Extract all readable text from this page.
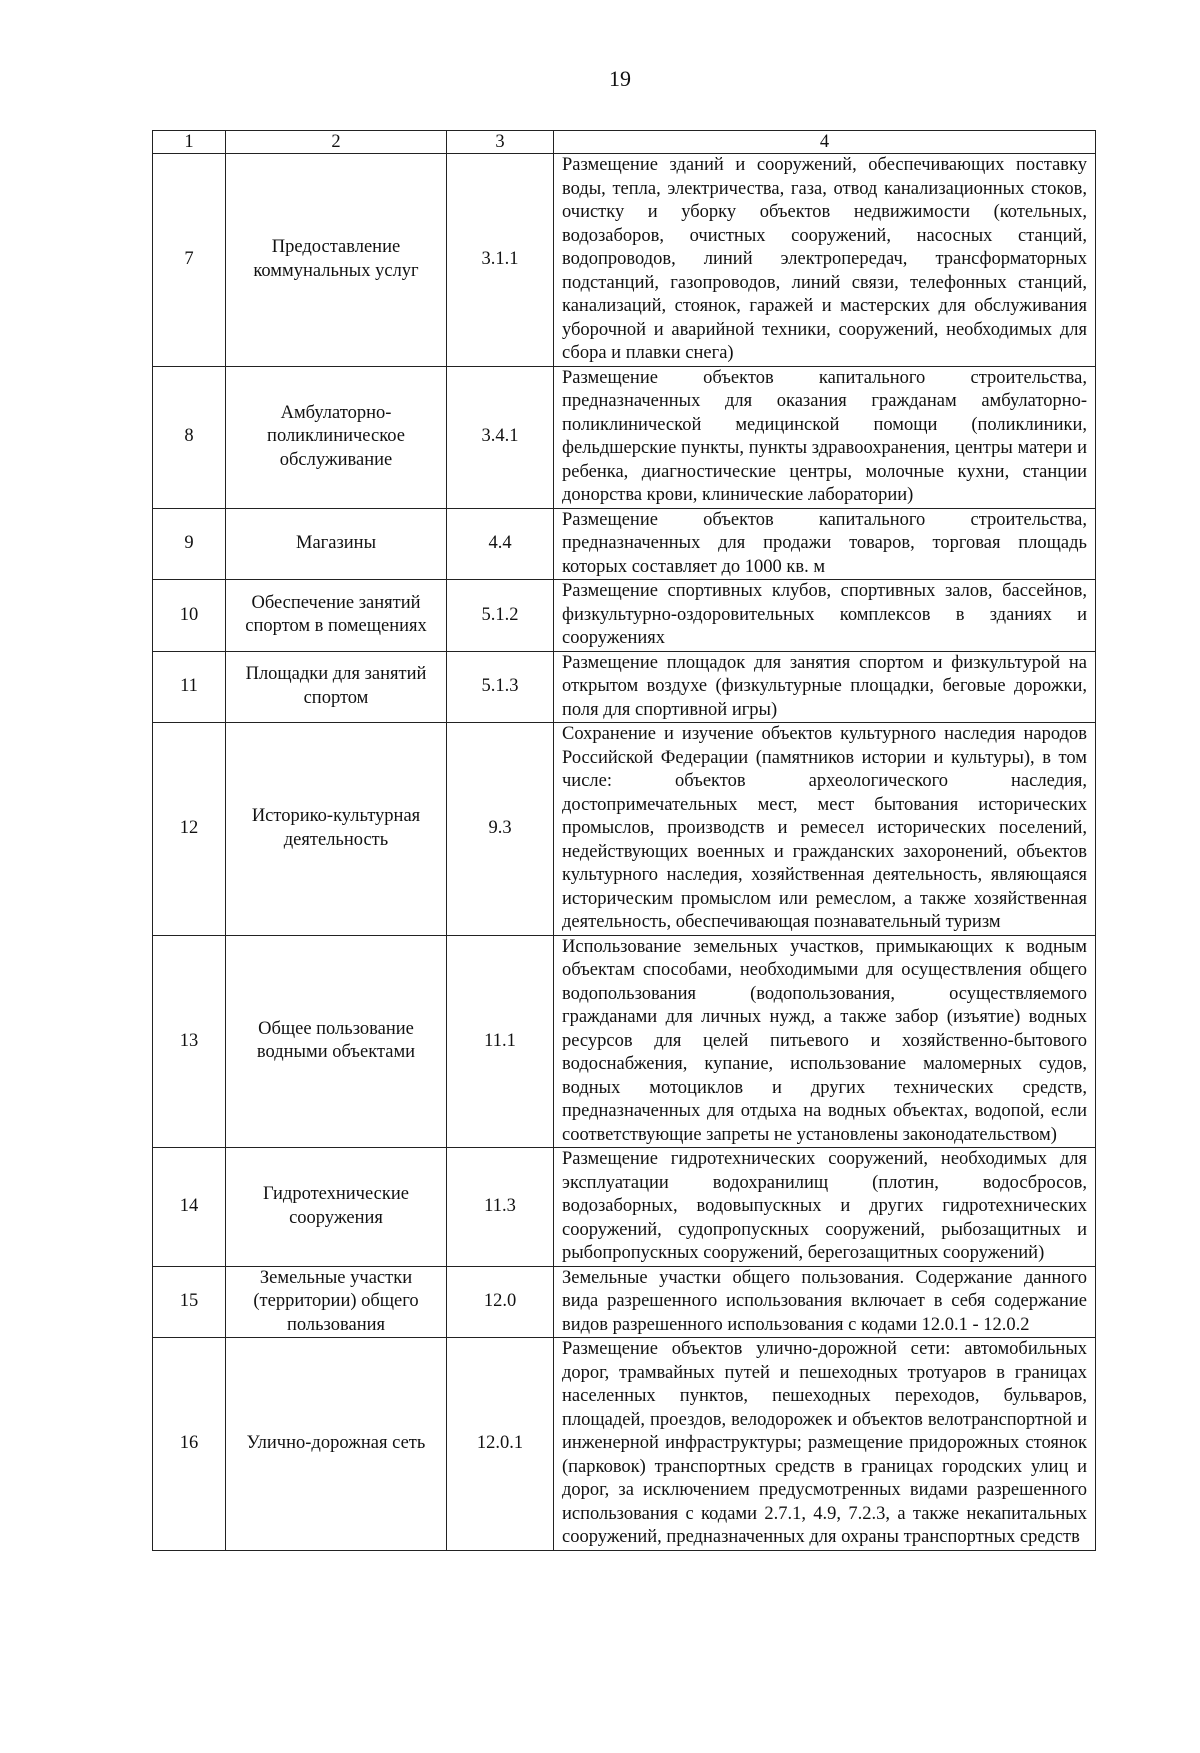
19
1	2	3	4
7	Предоставление коммунальных услуг	3.1.1	Размещение зданий и сооружений, обеспечивающих поставку воды, тепла, электричества, газа, отвод канализационных стоков, очистку и уборку объектов недвижимости (котельных, водозаборов, очистных сооружений, насосных станций, водопроводов, линий электропередач, трансформаторных подстанций, газопроводов, линий связи, телефонных станций, канализаций, стоянок, гаражей и мастерских для обслуживания уборочной и аварийной техники, сооружений, необходимых для сбора и плавки снега)
8	Амбулаторно-поликлиническое обслуживание	3.4.1	Размещение объектов капитального строительства, предназначенных для оказания гражданам амбулаторно-поликлинической медицинской помощи (поликлиники, фельдшерские пункты, пункты здравоохранения, центры матери и ребенка, диагностические центры, молочные кухни, станции донорства крови, клинические лаборатории)
9	Магазины	4.4	Размещение объектов капитального строительства, предназначенных для продажи товаров, торговая площадь которых составляет до 1000 кв. м
10	Обеспечение занятий спортом в помещениях	5.1.2	Размещение спортивных клубов, спортивных залов, бассейнов, физкультурно-оздоровительных комплексов в зданиях и сооружениях
11	Площадки для занятий спортом	5.1.3	Размещение площадок для занятия спортом и физкультурой на открытом воздухе (физкультурные площадки, беговые дорожки, поля для спортивной игры)
12	Историко-культурная деятельность	9.3	Сохранение и изучение объектов культурного наследия народов Российской Федерации (памятников истории и культуры), в том числе: объектов археологического наследия, достопримечательных мест, мест бытования исторических промыслов, производств и ремесел исторических поселений, недействующих военных и гражданских захоронений, объектов культурного наследия, хозяйственная деятельность, являющаяся историческим промыслом или ремеслом, а также хозяйственная деятельность, обеспечивающая познавательный туризм
13	Общее пользование водными объектами	11.1	Использование земельных участков, примыкающих к водным объектам способами, необходимыми для осуществления общего водопользования (водопользования, осуществляемого гражданами для личных нужд, а также забор (изъятие) водных ресурсов для целей питьевого и хозяйственно-бытового водоснабжения, купание, использование маломерных судов, водных мотоциклов и других технических средств, предназначенных для отдыха на водных объектах, водопой, если соответствующие запреты не установлены законодательством)
14	Гидротехнические сооружения	11.3	Размещение гидротехнических сооружений, необходимых для эксплуатации водохранилищ (плотин, водосбросов, водозаборных, водовыпускных и других гидротехнических сооружений, судопропускных сооружений, рыбозащитных и рыбопропускных сооружений, берегозащитных сооружений)
15	Земельные участки (территории) общего пользования	12.0	Земельные участки общего пользования. Содержание данного вида разрешенного использования включает в себя содержание видов разрешенного использования с кодами 12.0.1 - 12.0.2
16	Улично-дорожная сеть	12.0.1	Размещение объектов улично-дорожной сети: автомобильных дорог, трамвайных путей и пешеходных тротуаров в границах населенных пунктов, пешеходных переходов, бульваров, площадей, проездов, велодорожек и объектов велотранспортной и инженерной инфраструктуры; размещение придорожных стоянок (парковок) транспортных средств в границах городских улиц и дорог, за исключением предусмотренных видами разрешенного использования с кодами 2.7.1, 4.9, 7.2.3, а также некапитальных сооружений, предназначенных для охраны транспортных средств
